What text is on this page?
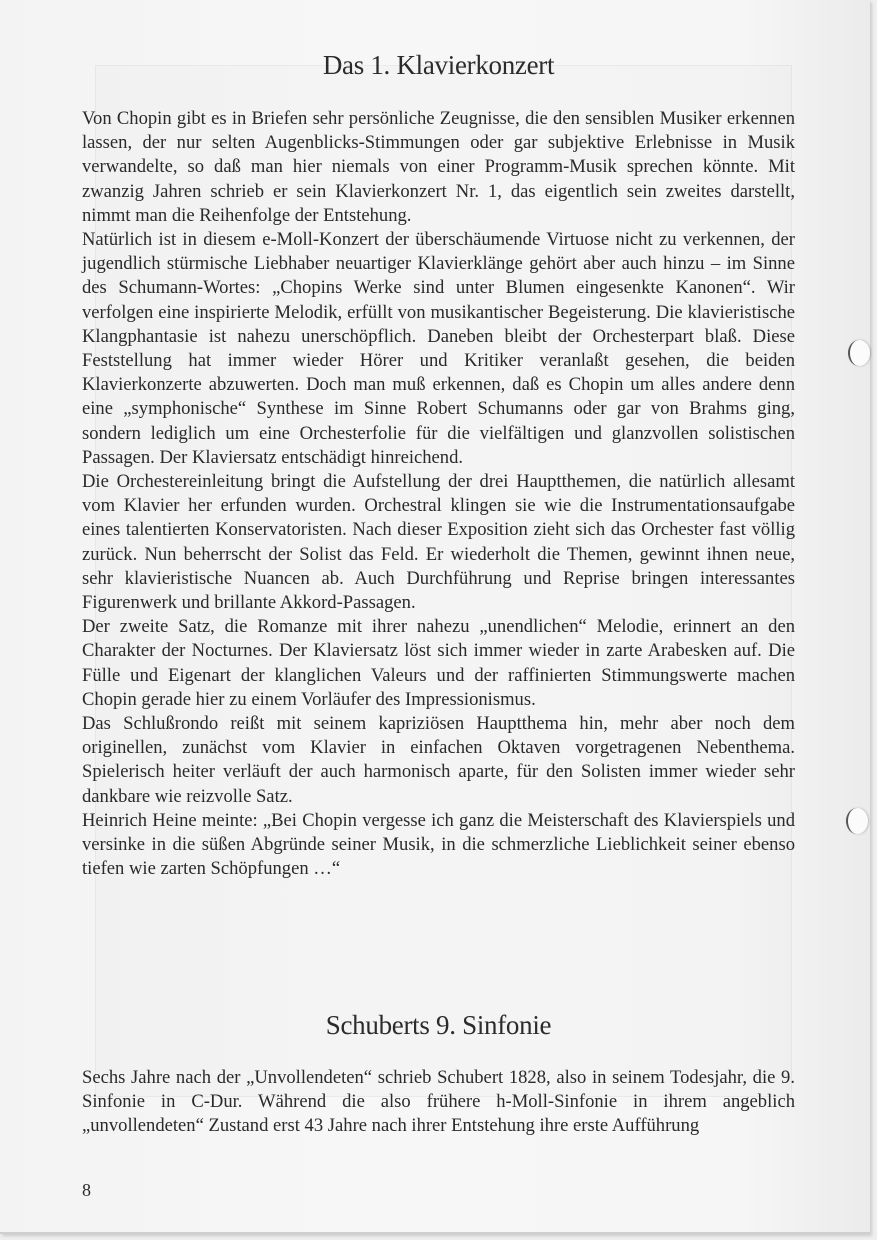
Das 1. Klavierkonzert

Von Chopin gibt es in Briefen sehr persönliche Zeugnisse, die den sensiblen Musiker erkennen lassen, der nur selten Augenblicks-Stimmungen oder gar subjektive Erlebnisse in Musik verwandelte, so daß man hier niemals von einer Programm-Musik sprechen könnte. Mit zwanzig Jahren schrieb er sein Klavierkonzert Nr. 1, das eigentlich sein zweites darstellt, nimmt man die Reihenfolge der Entstehung.

Natürlich ist in diesem e-Moll-Konzert der überschäumende Virtuose nicht zu verkennen, der jugendlich stürmische Liebhaber neuartiger Klavierklänge gehört aber auch hinzu – im Sinne des Schumann-Wortes: „Chopins Werke sind unter Blumen eingesenkte Kanonen“. Wir verfolgen eine inspirierte Melodik, erfüllt von musikantischer Begeisterung. Die klavieristische Klangphantasie ist nahezu unerschöpflich. Daneben bleibt der Orchesterpart blaß. Diese Feststellung hat immer wieder Hörer und Kritiker veranlaßt gesehen, die beiden Klavierkonzerte abzuwerten. Doch man muß erkennen, daß es Chopin um alles andere denn eine „symphonische“ Synthese im Sinne Robert Schumanns oder gar von Brahms ging, sondern lediglich um eine Orchesterfolie für die vielfältigen und glanzvollen solistischen Passagen. Der Klaviersatz entschädigt hinreichend.

Die Orchestereinleitung bringt die Aufstellung der drei Hauptthemen, die natürlich allesamt vom Klavier her erfunden wurden. Orchestral klingen sie wie die Instrumentationsaufgabe eines talentierten Konservatoristen. Nach dieser Exposition zieht sich das Orchester fast völlig zurück. Nun beherrscht der Solist das Feld. Er wiederholt die Themen, gewinnt ihnen neue, sehr klavieristische Nuancen ab. Auch Durchführung und Reprise bringen interessantes Figurenwerk und brillante Akkord-Passagen.

Der zweite Satz, die Romanze mit ihrer nahezu „unendlichen“ Melodie, erinnert an den Charakter der Nocturnes. Der Klaviersatz löst sich immer wieder in zarte Arabesken auf. Die Fülle und Eigenart der klanglichen Valeurs und der raffinierten Stimmungswerte machen Chopin gerade hier zu einem Vorläufer des Impressionismus.

Das Schlußrondo reißt mit seinem kapriziösen Hauptthema hin, mehr aber noch dem originellen, zunächst vom Klavier in einfachen Oktaven vorgetragenen Nebenthema. Spielerisch heiter verläuft der auch harmonisch aparte, für den Solisten immer wieder sehr dankbare wie reizvolle Satz.

Heinrich Heine meinte: „Bei Chopin vergesse ich ganz die Meisterschaft des Klavierspiels und versinke in die süßen Abgründe seiner Musik, in die schmerzliche Lieblichkeit seiner ebenso tiefen wie zarten Schöpfungen …“

Schuberts 9. Sinfonie

Sechs Jahre nach der „Unvollendeten“ schrieb Schubert 1828, also in seinem Todesjahr, die 9. Sinfonie in C-Dur. Während die also frühere h-Moll-Sinfonie in ihrem angeblich „unvollendeten“ Zustand erst 43 Jahre nach ihrer Entstehung ihre erste Aufführung

8
